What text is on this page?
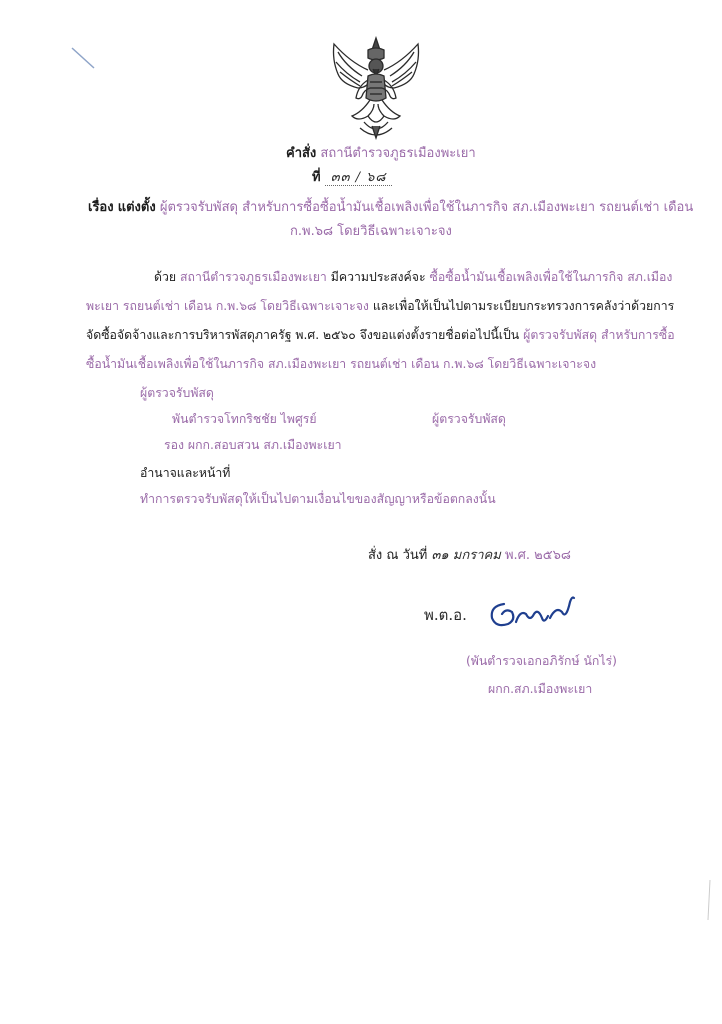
คำสั่ง สถานีตำรวจภูธรเมืองพะเยา
ที่ ๓๓ / ๖๘
เรื่อง แต่งตั้ง ผู้ตรวจรับพัสดุ สำหรับการซื้อซื้อน้ำมันเชื้อเพลิงเพื่อใช้ในภารกิจ สภ.เมืองพะเยา รถยนต์เช่า เดือน
ก.พ.๖๘ โดยวิธีเฉพาะเจาะจง
ด้วย สถานีตำรวจภูธรเมืองพะเยา มีความประสงค์จะ ซื้อซื้อน้ำมันเชื้อเพลิงเพื่อใช้ในภารกิจ สภ.เมือง
พะเยา รถยนต์เช่า เดือน ก.พ.๖๘ โดยวิธีเฉพาะเจาะจง และเพื่อให้เป็นไปตามระเบียบกระทรวงการคลังว่าด้วยการ
จัดซื้อจัดจ้างและการบริหารพัสดุภาครัฐ พ.ศ. ๒๕๖๐ จึงขอแต่งตั้งรายชื่อต่อไปนี้เป็น ผู้ตรวจรับพัสดุ สำหรับการซื้อ
ซื้อน้ำมันเชื้อเพลิงเพื่อใช้ในภารกิจ สภ.เมืองพะเยา รถยนต์เช่า เดือน ก.พ.๖๘ โดยวิธีเฉพาะเจาะจง
ผู้ตรวจรับพัสดุ
พันตำรวจโทกริชชัย ไพศูรย์	ผู้ตรวจรับพัสดุ
รอง ผกก.สอบสวน สภ.เมืองพะเยา
อำนาจและหน้าที่
ทำการตรวจรับพัสดุให้เป็นไปตามเงื่อนไขของสัญญาหรือข้อตกลงนั้น
สั่ง ณ วันที่ ๓๑ มกราคม พ.ศ. ๒๕๖๘
พ.ต.อ.
(พันตำรวจเอกอภิรักษ์ นักไร่)
ผกก.สภ.เมืองพะเยา
